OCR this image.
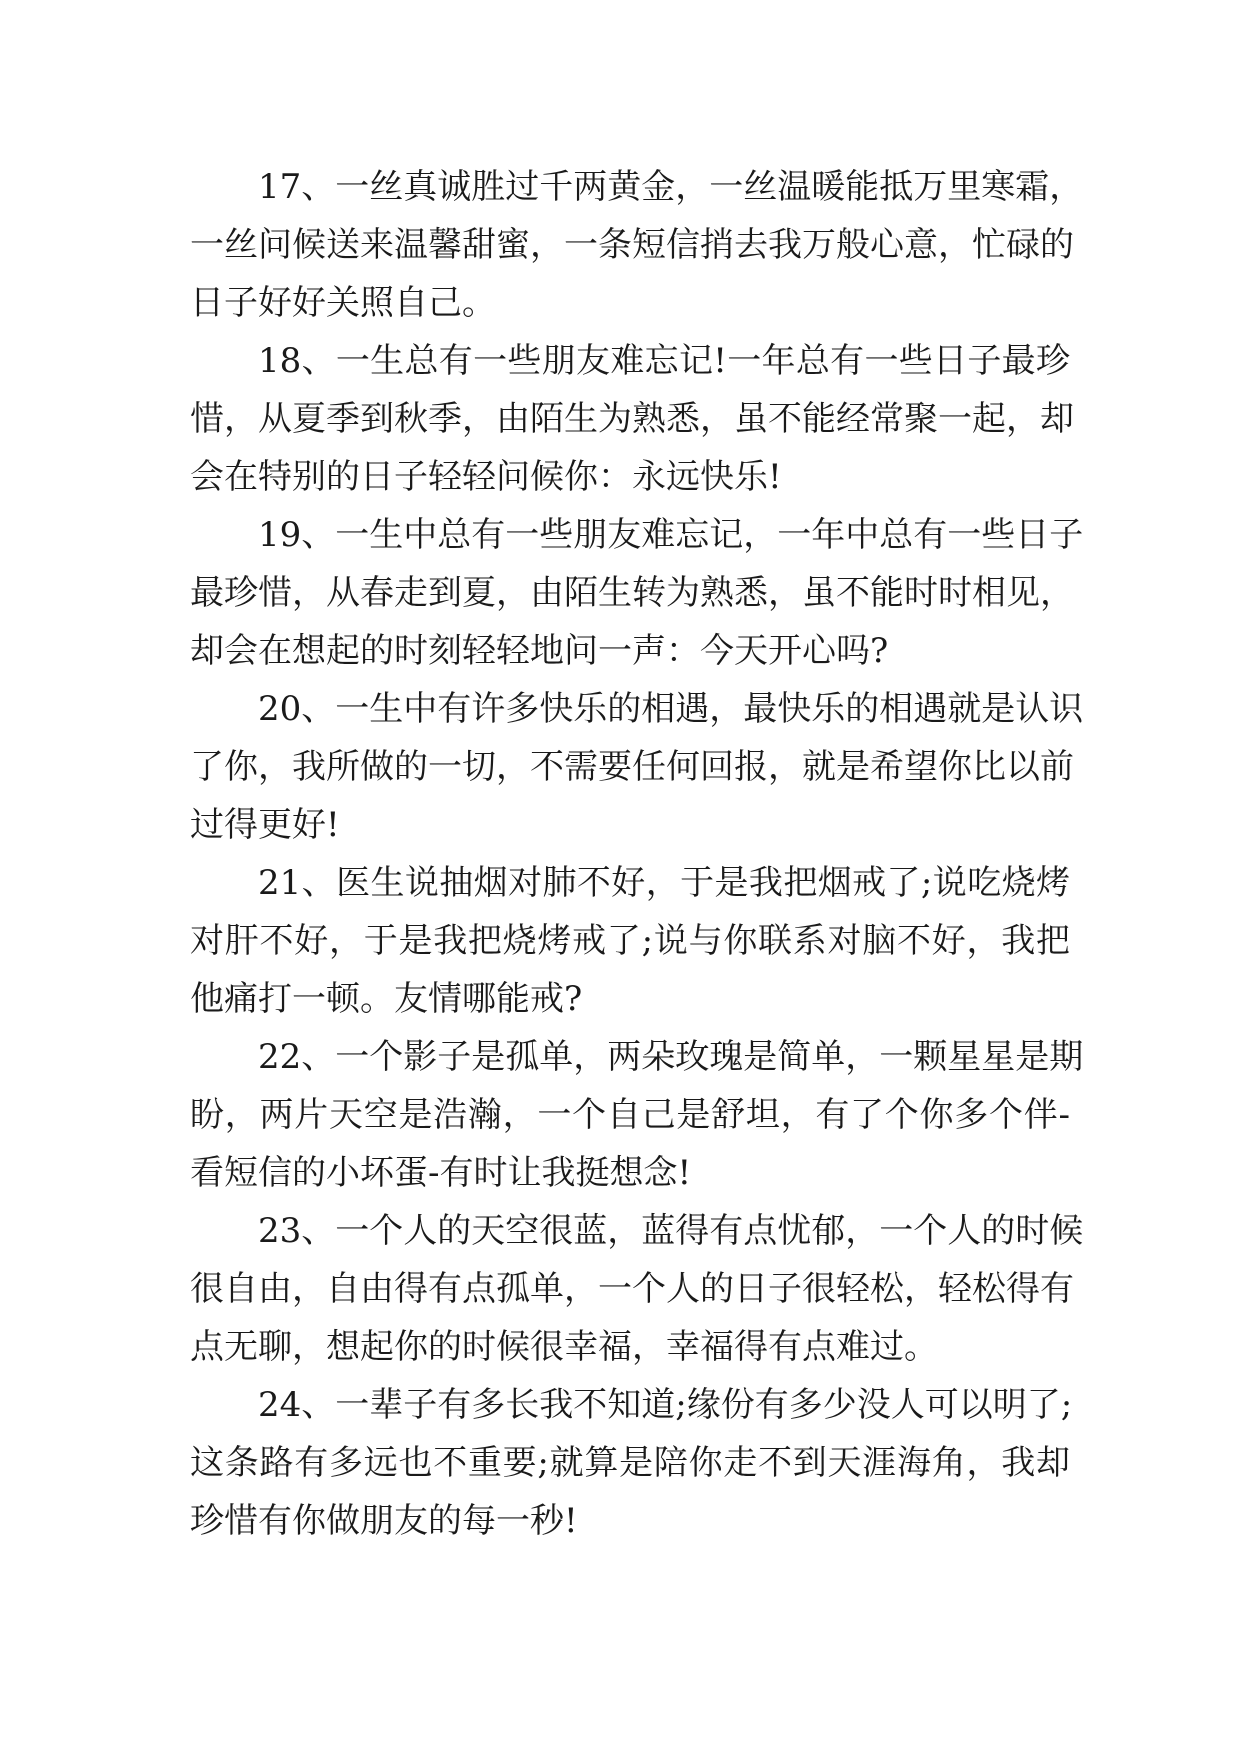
17、一丝真诚胜过千两黄金，一丝温暖能抵万里寒霜，
一丝问候送来温馨甜蜜，一条短信捎去我万般心意，忙碌的
日子好好关照自己。
18、一生总有一些朋友难忘记!一年总有一些日子最珍
惜，从夏季到秋季，由陌生为熟悉，虽不能经常聚一起，却
会在特别的日子轻轻问候你：永远快乐!
19、一生中总有一些朋友难忘记，一年中总有一些日子
最珍惜，从春走到夏，由陌生转为熟悉，虽不能时时相见，
却会在想起的时刻轻轻地问一声：今天开心吗?
20、一生中有许多快乐的相遇，最快乐的相遇就是认识
了你，我所做的一切，不需要任何回报，就是希望你比以前
过得更好!
21、医生说抽烟对肺不好，于是我把烟戒了;说吃烧烤
对肝不好，于是我把烧烤戒了;说与你联系对脑不好，我把
他痛打一顿。友情哪能戒?
22、一个影子是孤单，两朵玫瑰是简单，一颗星星是期
盼，两片天空是浩瀚，一个自己是舒坦，有了个你多个伴-
看短信的小坏蛋-有时让我挺想念!
23、一个人的天空很蓝，蓝得有点忧郁，一个人的时候
很自由，自由得有点孤单，一个人的日子很轻松，轻松得有
点无聊，想起你的时候很幸福，幸福得有点难过。
24、一辈子有多长我不知道;缘份有多少没人可以明了;
这条路有多远也不重要;就算是陪你走不到天涯海角，我却
珍惜有你做朋友的每一秒!
